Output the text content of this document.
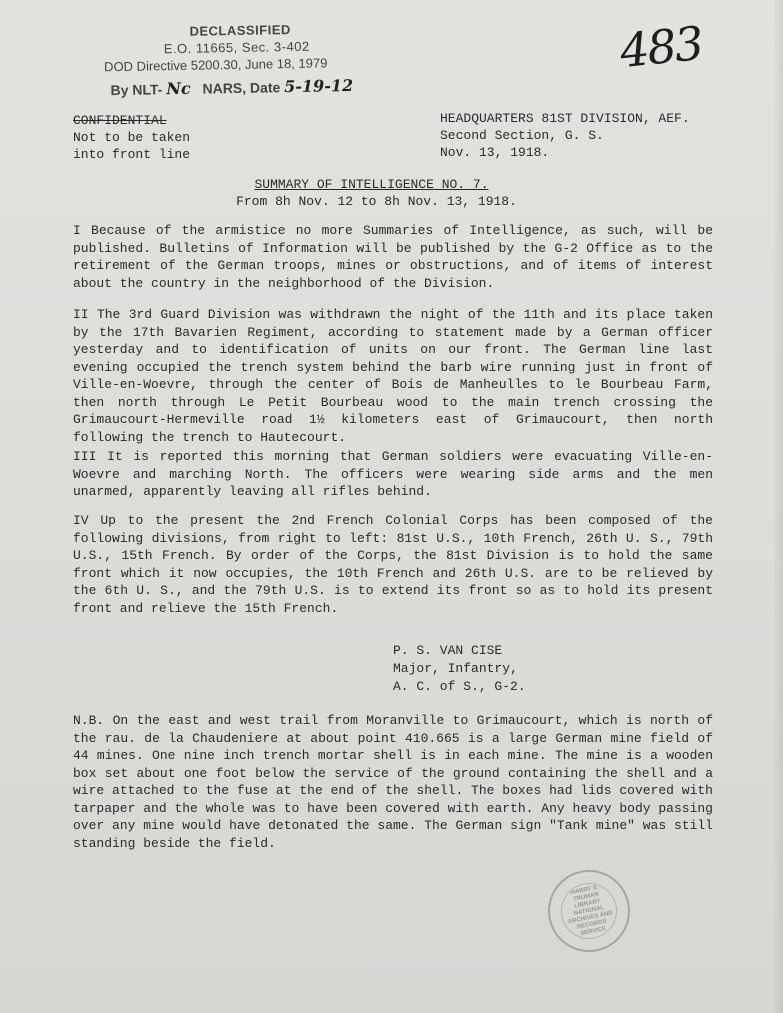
DECLASSIFIED
E.O. 11665, Sec. 3-402
DOD Directive 5200.30, June 18, 1979
By NLT- Nc NARS, Date 5-19-12
483
CONFIDENTIAL
Not to be taken
into front line
HEADQUARTERS 81ST DIVISION, AEF.
Second Section, G. S.
Nov. 13, 1918.
SUMMARY OF INTELLIGENCE NO. 7.
From 8h Nov. 12 to 8h Nov. 13, 1918.

I Because of the armistice no more Summaries of Intelligence, as such, will be published. Bulletins of Information will be published by the G-2 Office as to the retirement of the German troops, mines or obstructions, and of items of interest about the country in the neighborhood of the Division.

II The 3rd Guard Division was withdrawn the night of the 11th and its place taken by the 17th Bavarien Regiment, according to statement made by a German officer yesterday and to identification of units on our front. The German line last evening occupied the trench system behind the barb wire running just in front of Ville-en-Woevre, through the center of Bois de Manheulles to le Bourbeau Farm, then north through Le Petit Bourbeau wood to the main trench crossing the Grimaucourt-Hermeville road 1½ kilometers east of Grimaucourt, then north following the trench to Hautecourt.

III It is reported this morning that German soldiers were evacuating Ville-en-Woevre and marching North. The officers were wearing side arms and the men unarmed, apparently leaving all rifles behind.

IV Up to the present the 2nd French Colonial Corps has been composed of the following divisions, from right to left: 81st U.S., 10th French, 26th U. S., 79th U.S., 15th French. By order of the Corps, the 81st Division is to hold the same front which it now occupies, the 10th French and 26th U.S. are to be relieved by the 6th U. S., and the 79th U.S. is to extend its front so as to hold its present front and relieve the 15th French.

P. S. VAN CISE
Major, Infantry,
A. C. of S., G-2.

N.B. On the east and west trail from Moranville to Grimaucourt, which is north of the rau. de la Chaudeniere at about point 410.665 is a large German mine field of 44 mines. One nine inch trench mortar shell is in each mine. The mine is a wooden box set about one foot below the service of the ground containing the shell and a wire attached to the fuse at the end of the shell. The boxes had lids covered with tarpaper and the whole was to have been covered with earth. Any heavy body passing over any mine would have detonated the same. The German sign "Tank mine" was still standing beside the field.

HARRY S. TRUMAN LIBRARY NATIONAL ARCHIVES AND RECORDS SERVICE
